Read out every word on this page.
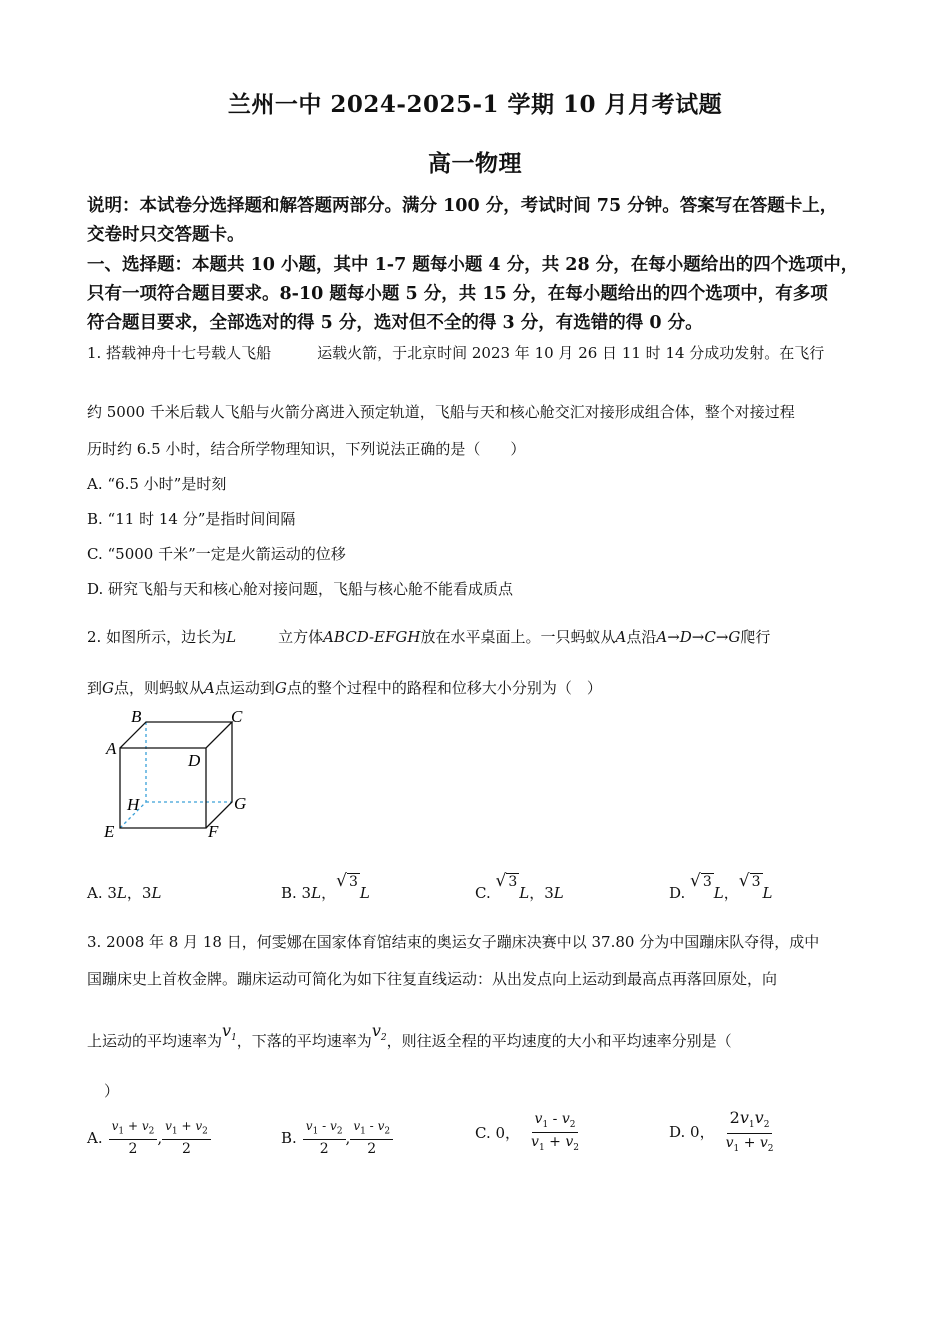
兰州一中 2024-2025-1 学期 10 月月考试题
高一物理
说明：本试卷分选择题和解答题两部分。满分 100 分，考试时间 75 分钟。答案写在答题卡上，
交卷时只交答题卡。
一、选择题：本题共 10 小题，其中 1-7 题每小题 4 分，共 28 分，在每小题给出的四个选项中，
只有一项符合题目要求。8-10 题每小题 5 分，共 15 分，在每小题给出的四个选项中，有多项
符合题目要求，全部选对的得 5 分，选对但不全的得 3 分，有选错的得 0 分。
1. 搭载神舟十七号载人飞船	运载火箭，于北京时间 2023 年 10 月 26 日 11 时 14 分成功发射。在飞行
约 5000 千米后载人飞船与火箭分离进入预定轨道，飞船与天和核心舱交汇对接形成组合体，整个对接过程
历时约 6.5 小时，结合所学物理知识，下列说法正确的是（　　）
A. “6.5 小时”是时刻
B. “11 时 14 分”是指时间间隔
C. “5000 千米”一定是火箭运动的位移
D. 研究飞船与天和核心舱对接问题，飞船与核心舱不能看成质点
2. 如图所示，边长为L	立方体ABCD-EFGH放在水平桌面上。一只蚂蚁从A点沿A→D→C→G爬行
到G点，则蚂蚁从A点运动到G点的整个过程中的路程和位移大小分别为（　）
B	C
A
D
H	G
E	F
A. 3L，3L	B. 3L，√ 3L	C. √ 3L，3L	D. √ 3L，√ 3L
3. 2008 年 8 月 18 日，何雯娜在国家体育馆结束的奥运女子蹦床决赛中以 37.80 分为中国蹦床队夺得，成中
国蹦床史上首枚金牌。蹦床运动可简化为如下往复直线运动：从出发点向上运动到最高点再落回原处，向
上运动的平均速率为$v_1$，下落的平均速率为$v_2$，则往返全程的平均速度的大小和平均速率分别是（
）
A. $\frac{v_1 + v_2}{2}$ , $\frac{v_1 + v_2}{2}$	B. $\frac{v_1 - v_2}{2}$ , $\frac{v_1 - v_2}{2}$	C. 0， $\frac{v_1 - v_2}{v_1 + v_2}$	D. 0， $\frac{2v_1v_2}{v_1 + v_2}$
